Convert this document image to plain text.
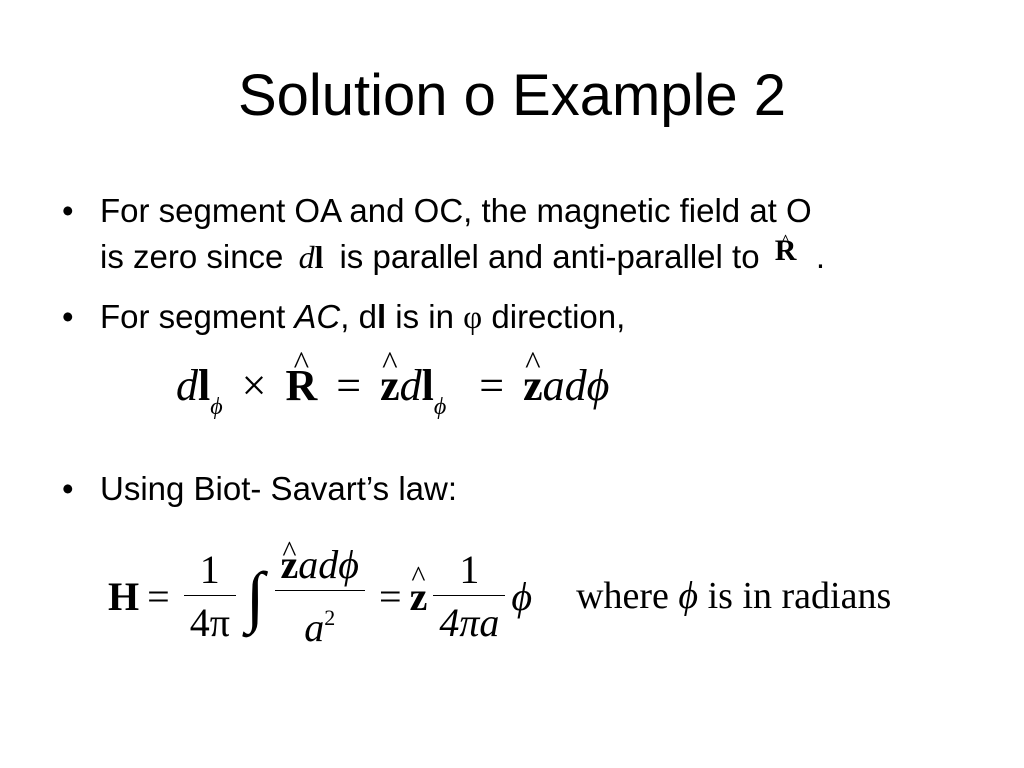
Solution o Example 2
• For segment OA and OC, the magnetic field at O
is zero since dl is parallel and anti-parallel to ^ R .
• For segment AC, dl is in φ direction,
$dl_\phi$ × ^ R = ^ zdl$_\phi$ = ^ zadϕ
• Using Biot- Savart’s law:
$H = \frac{1}{4\pi}$ ∫ ^ $\frac{\text{zadϕ}}{a^2}$ = ^ z $\frac{1}{4\pi a}$ ϕ where ϕ is in radians
